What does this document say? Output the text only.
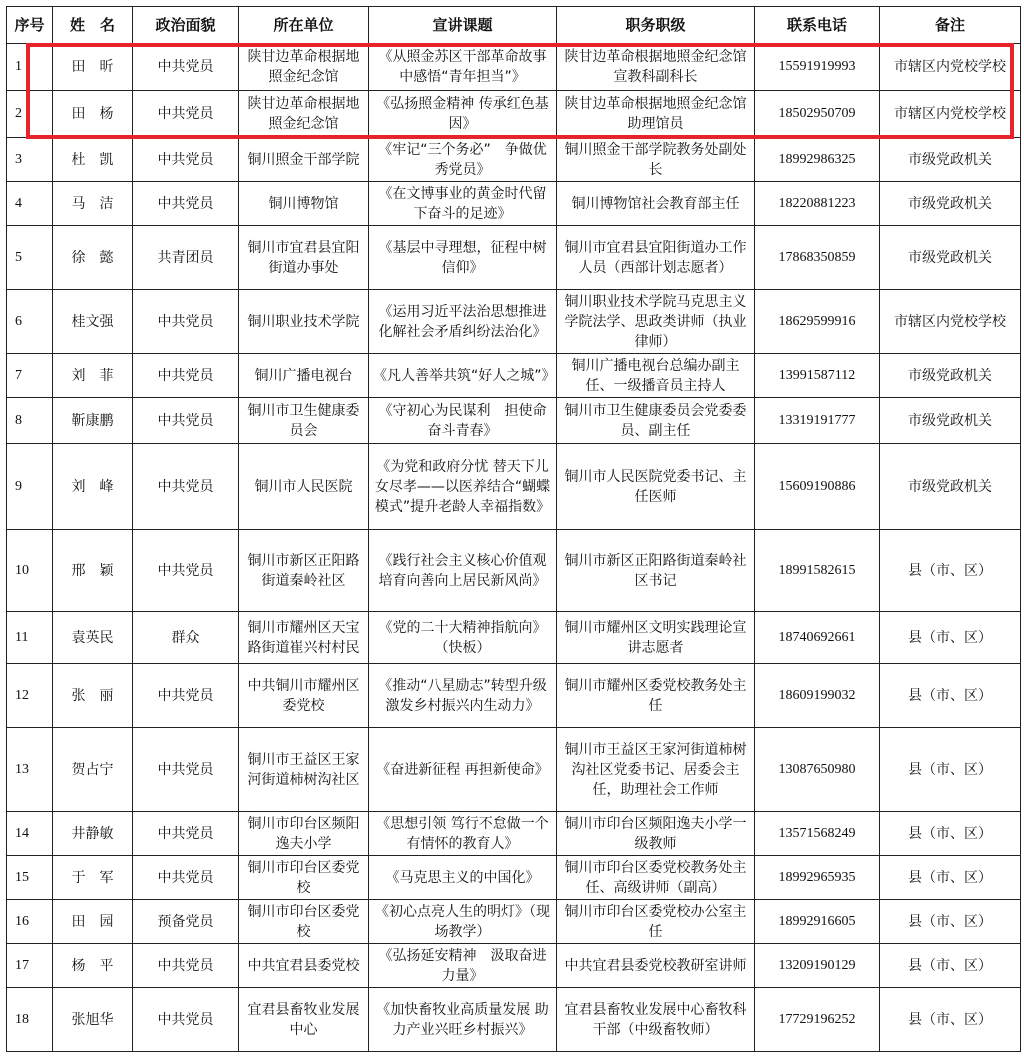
序号	姓　名	政治面貌	所在单位	宣讲课题	职务职级	联系电话	备注
1	田　昕	中共党员	陕甘边革命根据地照金纪念馆	《从照金苏区干部革命故事中感悟“青年担当”》	陕甘边革命根据地照金纪念馆宣教科副科长	15591919993	市辖区内党校学校
2	田　杨	中共党员	陕甘边革命根据地照金纪念馆	《弘扬照金精神 传承红色基因》	陕甘边革命根据地照金纪念馆助理馆员	18502950709	市辖区内党校学校
3	杜　凯	中共党员	铜川照金干部学院	《牢记“三个务必”　争做优秀党员》	铜川照金干部学院教务处副处长	18992986325	市级党政机关
4	马　洁	中共党员	铜川博物馆	《在文博事业的黄金时代留下奋斗的足迹》	铜川博物馆社会教育部主任	18220881223	市级党政机关
5	徐　懿	共青团员	铜川市宜君县宜阳街道办事处	《基层中寻理想，征程中树信仰》	铜川市宜君县宜阳街道办工作人员（西部计划志愿者）	17868350859	市级党政机关
6	桂文强	中共党员	铜川职业技术学院	《运用习近平法治思想推进化解社会矛盾纠纷法治化》	铜川职业技术学院马克思主义学院法学、思政类讲师（执业律师）	18629599916	市辖区内党校学校
7	刘　菲	中共党员	铜川广播电视台	《凡人善举共筑“好人之城”》	铜川广播电视台总编办副主任、一级播音员主持人	13991587112	市级党政机关
8	靳康鹏	中共党员	铜川市卫生健康委员会	《守初心为民谋利　担使命奋斗青春》	铜川市卫生健康委员会党委委员、副主任	13319191777	市级党政机关
9	刘　峰	中共党员	铜川市人民医院	《为党和政府分忧 替天下儿女尽孝——以医养结合“蝴蝶模式”提升老龄人幸福指数》	铜川市人民医院党委书记、主任医师	15609190886	市级党政机关
10	邢　颖	中共党员	铜川市新区正阳路街道秦岭社区	《践行社会主义核心价值观　培育向善向上居民新风尚》	铜川市新区正阳路街道秦岭社区书记	18991582615	县（市、区）
11	袁英民	群众	铜川市耀州区天宝路街道崔兴村村民	《党的二十大精神指航向》（快板）	铜川市耀州区文明实践理论宣讲志愿者	18740692661	县（市、区）
12	张　丽	中共党员	中共铜川市耀州区委党校	《推动“八星励志”转型升级　激发乡村振兴内生动力》	铜川市耀州区委党校教务处主任	18609199032	县（市、区）
13	贺占宁	中共党员	铜川市王益区王家河街道柿树沟社区	《奋进新征程 再担新使命》	铜川市王益区王家河街道柿树沟社区党委书记、居委会主任，助理社会工作师	13087650980	县（市、区）
14	井静敏	中共党员	铜川市印台区频阳逸夫小学	《思想引领 笃行不怠做一个有情怀的教育人》	铜川市印台区频阳逸夫小学一级教师	13571568249	县（市、区）
15	于　军	中共党员	铜川市印台区委党校	《马克思主义的中国化》	铜川市印台区委党校教务处主任、高级讲师（副高）	18992965935	县（市、区）
16	田　园	预备党员	铜川市印台区委党校	《初心点亮人生的明灯》（现场教学）	铜川市印台区委党校办公室主任	18992916605	县（市、区）
17	杨　平	中共党员	中共宜君县委党校	《弘扬延安精神　汲取奋进力量》	中共宜君县委党校教研室讲师	13209190129	县（市、区）
18	张旭华	中共党员	宜君县畜牧业发展中心	《加快畜牧业高质量发展 助力产业兴旺乡村振兴》	宜君县畜牧业发展中心畜牧科干部（中级畜牧师）	17729196252	县（市、区）
